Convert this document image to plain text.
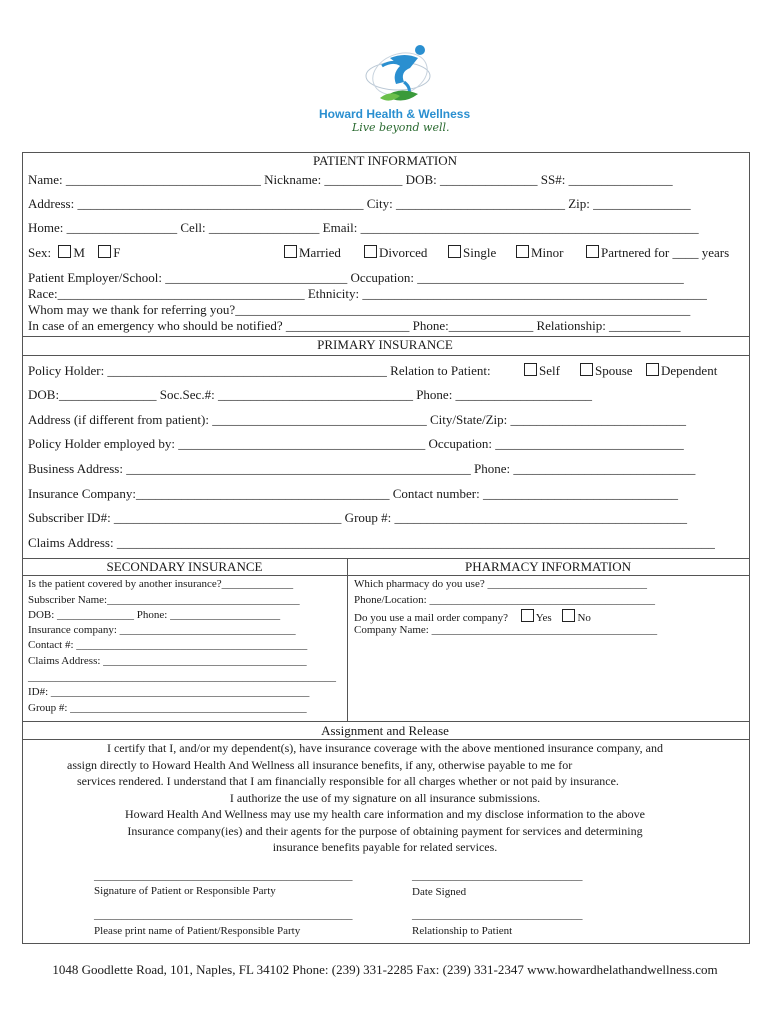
Howard Health & Wellness
Live beyond well.
PATIENT INFORMATION
Name: ______________________________ Nickname: ____________ DOB: _______________ SS#: ________________
Address: ____________________________________________ City: __________________________ Zip: _______________
Home: _________________ Cell: _________________ Email: ____________________________________________________
Sex: M F	Married	Divorced	Single	Minor	Partnered for ____ years
Patient Employer/School: ____________________________ Occupation: _________________________________________
Race:______________________________________ Ethnicity: _____________________________________________________
Whom may we thank for referring you?______________________________________________________________________
In case of an emergency who should be notified? ___________________ Phone:_____________ Relationship: ___________
PRIMARY INSURANCE
Policy Holder: ___________________________________________ Relation to Patient:	Self	Spouse	Dependent
DOB:_______________ Soc.Sec.#: ______________________________ Phone: _____________________
Address (if different from patient): _________________________________ City/State/Zip: ___________________________
Policy Holder employed by: ______________________________________ Occupation: _____________________________
Business Address: _____________________________________________________ Phone: ____________________________
Insurance Company:_______________________________________ Contact number: ______________________________
Subscriber ID#: ___________________________________ Group #: _____________________________________________
Claims Address: ____________________________________________________________________________________________
SECONDARY INSURANCE
Is the patient covered by another insurance?_____________
Subscriber Name:___________________________________
DOB: ______________ Phone: ____________________
Insurance company: ________________________________
Contact #: __________________________________________
Claims Address: _____________________________________
________________________________________________________
ID#: _______________________________________________
Group #: ___________________________________________
PHARMACY INFORMATION
Which pharmacy do you use? _____________________________
Phone/Location: _________________________________________
Do you use a mail order company?	Yes No
Company Name: _________________________________________
Assignment and Release
I certify that I, and/or my dependent(s), have insurance coverage with the above mentioned insurance company, and
assign directly to Howard Health And Wellness all insurance benefits, if any, otherwise payable to me for
services rendered. I understand that I am financially responsible for all charges whether or not paid by insurance.
I authorize the use of my signature on all insurance submissions.
Howard Health And Wellness may use my health care information and my disclose information to the above
Insurance company(ies) and their agents for the purpose of obtaining payment for services and determining
insurance benefits payable for related services.
_______________________________________________	_______________________________
Signature of Patient or Responsible Party	Date Signed
_______________________________________________	_______________________________
Please print name of Patient/Responsible Party	Relationship to Patient
1048 Goodlette Road, 101, Naples, FL 34102 Phone: (239) 331-2285 Fax: (239) 331-2347 www.howardhelathandwellness.com
